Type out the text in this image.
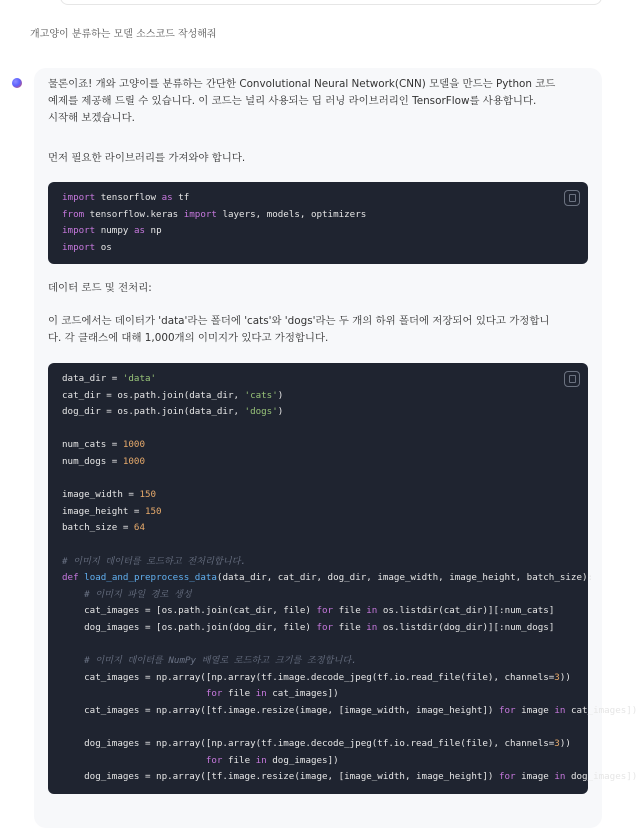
개고양이 분류하는 모델 소스코드 작성해줘
물론이죠! 개와 고양이를 분류하는 간단한 Convolutional Neural Network(CNN) 모델을 만드는 Python 코드
예제를 제공해 드릴 수 있습니다. 이 코드는 널리 사용되는 딥 러닝 라이브러리인 TensorFlow를 사용합니다.
시작해 보겠습니다.
먼저 필요한 라이브러리를 가져와야 합니다.
import tensorflow as tf
from tensorflow.keras import layers, models, optimizers
import numpy as np
import os
데이터 로드 및 전처리:
이 코드에서는 데이터가 'data'라는 폴더에 'cats'와 'dogs'라는 두 개의 하위 폴더에 저장되어 있다고 가정합니
다. 각 클래스에 대해 1,000개의 이미지가 있다고 가정합니다.
data_dir = 'data'
cat_dir = os.path.join(data_dir, 'cats')
dog_dir = os.path.join(data_dir, 'dogs')
num_cats = 1000
num_dogs = 1000
image_width = 150
image_height = 150
batch_size = 64
# 이미지 데이터를 로드하고 전처리합니다.
def load_and_preprocess_data(data_dir, cat_dir, dog_dir, image_width, image_height, batch_size):
# 이미지 파일 경로 생성
cat_images = [os.path.join(cat_dir, file) for file in os.listdir(cat_dir)][:num_cats]
dog_images = [os.path.join(dog_dir, file) for file in os.listdir(dog_dir)][:num_dogs]
# 이미지 데이터를 NumPy 배열로 로드하고 크기를 조정합니다.
cat_images = np.array([np.array(tf.image.decode_jpeg(tf.io.read_file(file), channels=3))
for file in cat_images])
cat_images = np.array([tf.image.resize(image, [image_width, image_height]) for image in cat_images])
dog_images = np.array([np.array(tf.image.decode_jpeg(tf.io.read_file(file), channels=3))
for file in dog_images])
dog_images = np.array([tf.image.resize(image, [image_width, image_height]) for image in dog_images])
